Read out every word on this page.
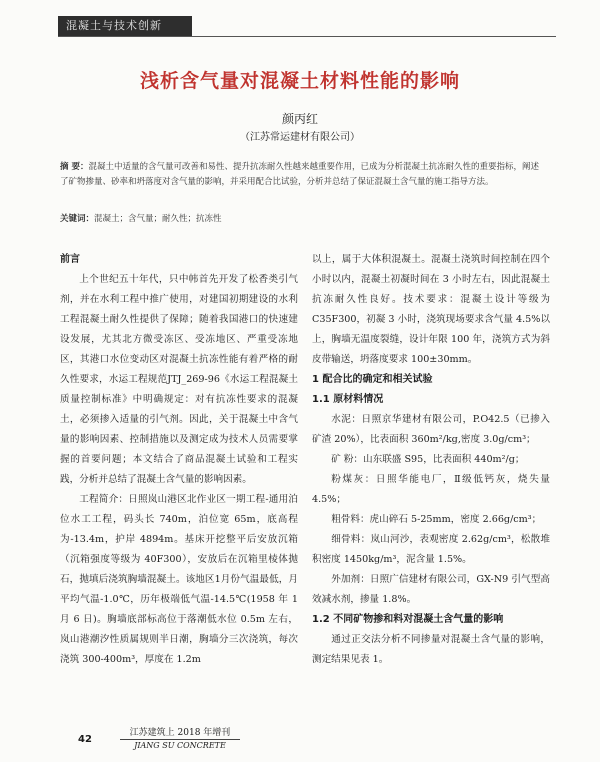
混凝土与技术创新
浅析含气量对混凝土材料性能的影响
颜丙红
（江苏常运建材有限公司）
摘 要：混凝土中适量的含气量可改善和易性、提升抗冻耐久性越来越重要作用，已成为分析混凝土抗冻耐久性的重要指标，阐述了矿物掺量、砂率和坍落度对含气量的影响，并采用配合比试验，分析并总结了保证混凝土含气量的施工指导方法。
关键词：混凝土；含气量；耐久性；抗冻性

前言

上个世纪五十年代，只中帏首先开发了松香类引气剂，并在水利工程中推广使用，对建国初期建设的水利工程混凝土耐久性提供了保障；随着我国港口的快速建设发展，尤其北方微受冻区、受冻地区、严重受冻地区，其港口水位变动区对混凝土抗冻性能有着严格的耐久性要求，水运工程规范JTJ_269-96《水运工程混凝土质量控制标准》中明确规定：对有抗冻性要求的混凝土，必须掺入适量的引气剂。因此，关于混凝土中含气量的影响因素、控制措施以及测定成为技术人员需要掌握的首要问题；本文结合了商品混凝土试验和工程实践，分析并总结了混凝土含气量的影响因素。

工程简介：日照岚山港区北作业区一期工程-通用泊位水工工程，码头长 740m，泊位宽 65m，底高程为-13.4m，护岸 4894m。基床开挖整平后安放沉箱（沉箱强度等级为 40F300），安放后在沉箱里棱体抛石，抛填后浇筑胸墙混凝土。该地区1月份气温最低，月平均气温-1.0℃，历年极端低气温-14.5℃(1958 年 1 月 6 日)。胸墙底部标高位于落潮低水位 0.5m 左右，岚山港潮汐性质属规则半日潮，胸墙分三次浇筑，每次浇筑 300-400m³，厚度在 1.2m

以上，属于大体积混凝土。混凝土浇筑时间控制在四个小时以内，混凝土初凝时间在 3 小时左右，因此混凝土抗冻耐久性良好。技术要求：混凝土设计等级为 C35F300，初凝 3 小时，浇筑现场要求含气量 4.5%以上，胸墙无温度裂缝，设计年限 100 年，浇筑方式为斜皮带输送，坍落度要求 100±30mm。

1 配合比的确定和相关试验

1.1 原材料情况

水泥：日照京华建材有限公司，P.O42.5（已掺入矿渣 20%），比表面积 360m²/kg,密度 3.0g/cm³；

矿 粉：山东联盛 S95，比表面积 440m²/g；

粉煤灰：日照华能电厂，Ⅱ级低钙灰，烧失量 4.5%；

粗骨料：虎山碎石 5-25mm，密度 2.66g/cm³；

细骨料：岚山河沙，表观密度 2.62g/cm³，松散堆积密度 1450kg/m³，泥含量 1.5%。

外加剂：日照广信建材有限公司，GX-N9 引气型高效减水剂，掺量 1.8%。

1.2 不同矿物掺和料对混凝土含气量的影响

通过正交法分析不同掺量对混凝土含气量的影响，测定结果见表 1。

42
江苏建筑上 2018 年增刊
JIANG SU CONCRETE
